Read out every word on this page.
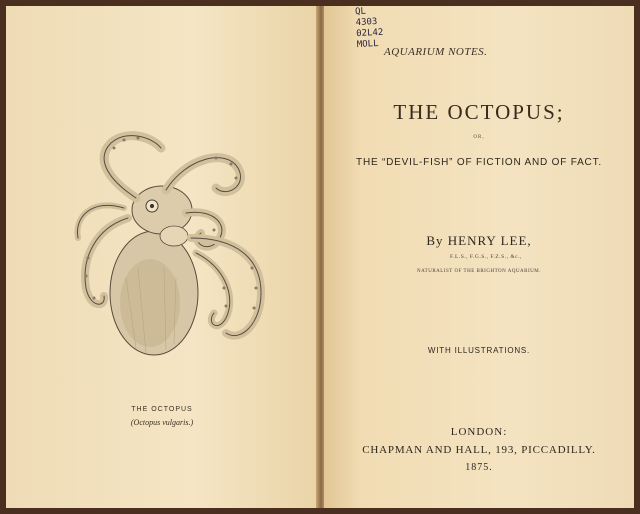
THE OCTOPUS
(Octopus vulgaris.)
QL
4303
02L42
MOLL
AQUARIUM NOTES.
THE OCTOPUS;
OR,
THE “DEVIL-FISH” OF FICTION AND OF FACT.
By HENRY LEE,
F.L.S., F.G.S., F.Z.S., &c.,
NATURALIST OF THE BRIGHTON AQUARIUM.
WITH ILLUSTRATIONS.
LONDON:
CHAPMAN AND HALL, 193, PICCADILLY.
1875.
